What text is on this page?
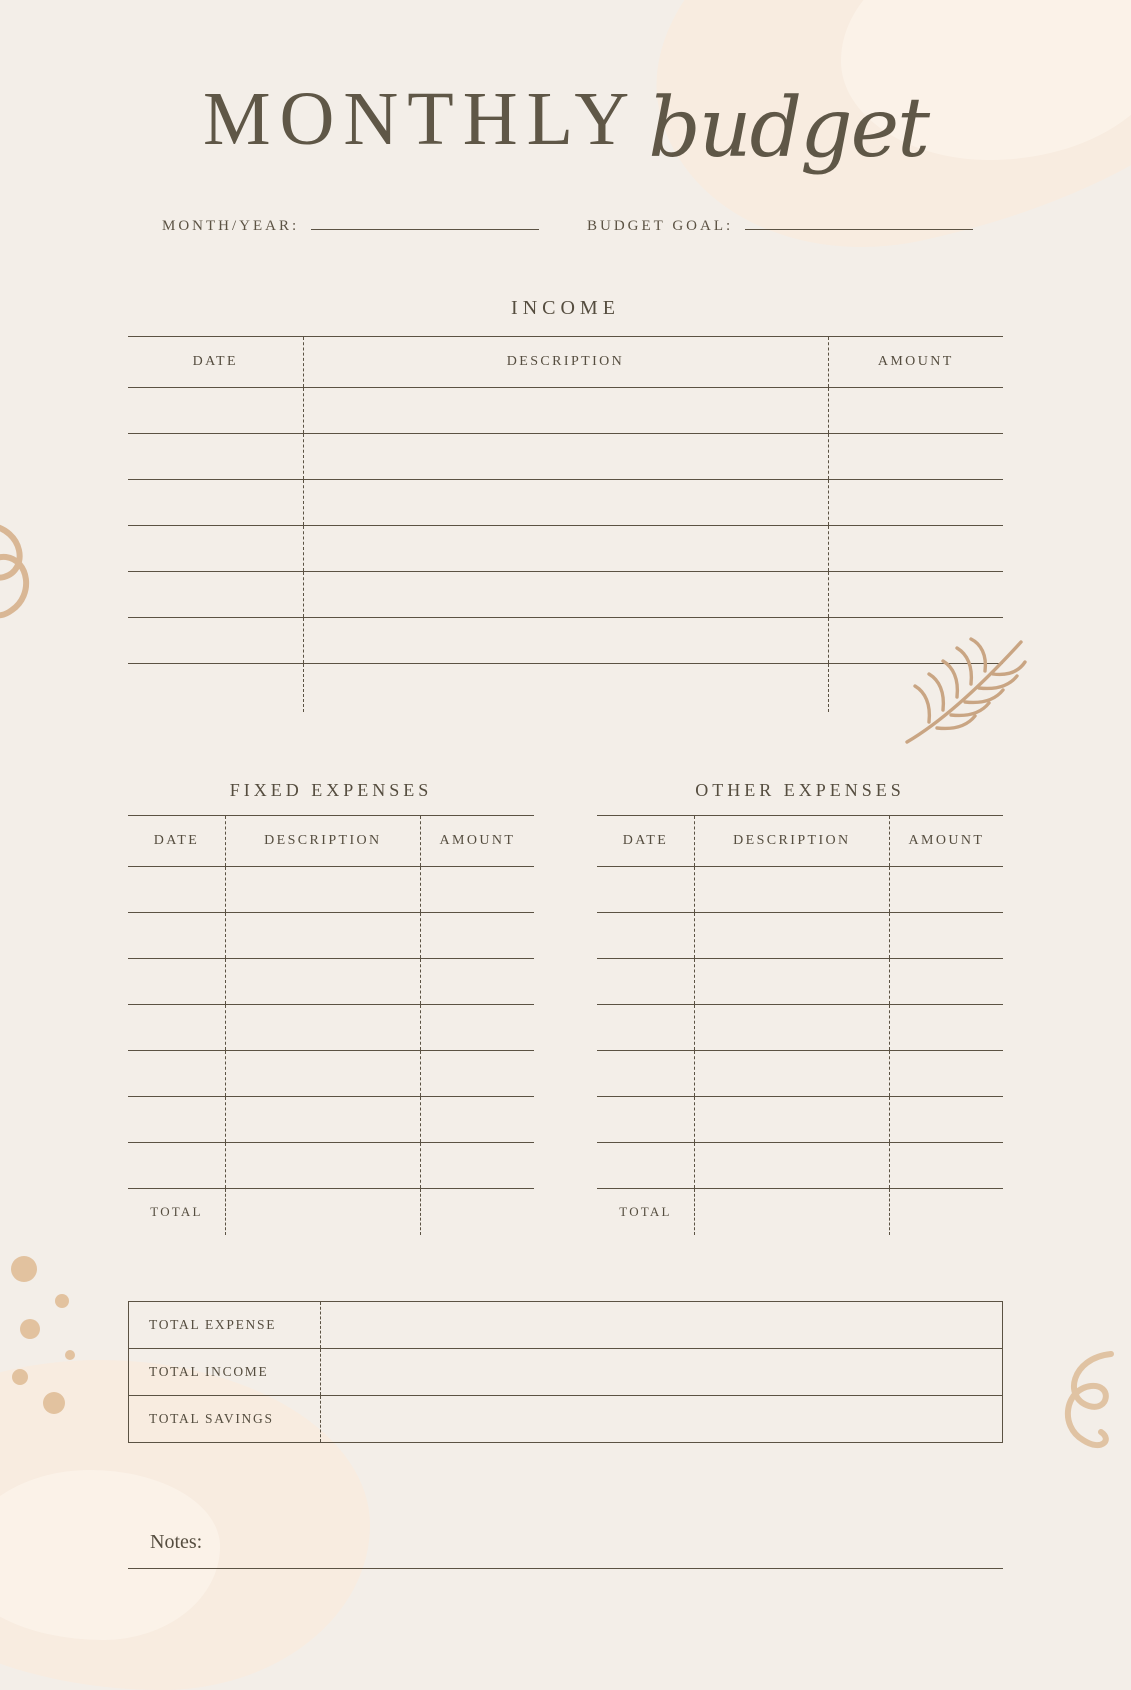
MONTHLY budget
MONTH/YEAR:	BUDGET GOAL:
INCOME
DATE	DESCRIPTION	AMOUNT

FIXED EXPENSES
DATE	DESCRIPTION	AMOUNT

TOTAL		
OTHER EXPENSES
DATE	DESCRIPTION	AMOUNT

TOTAL		
TOTAL EXPENSE	
TOTAL INCOME	
TOTAL SAVINGS	
Notes:
